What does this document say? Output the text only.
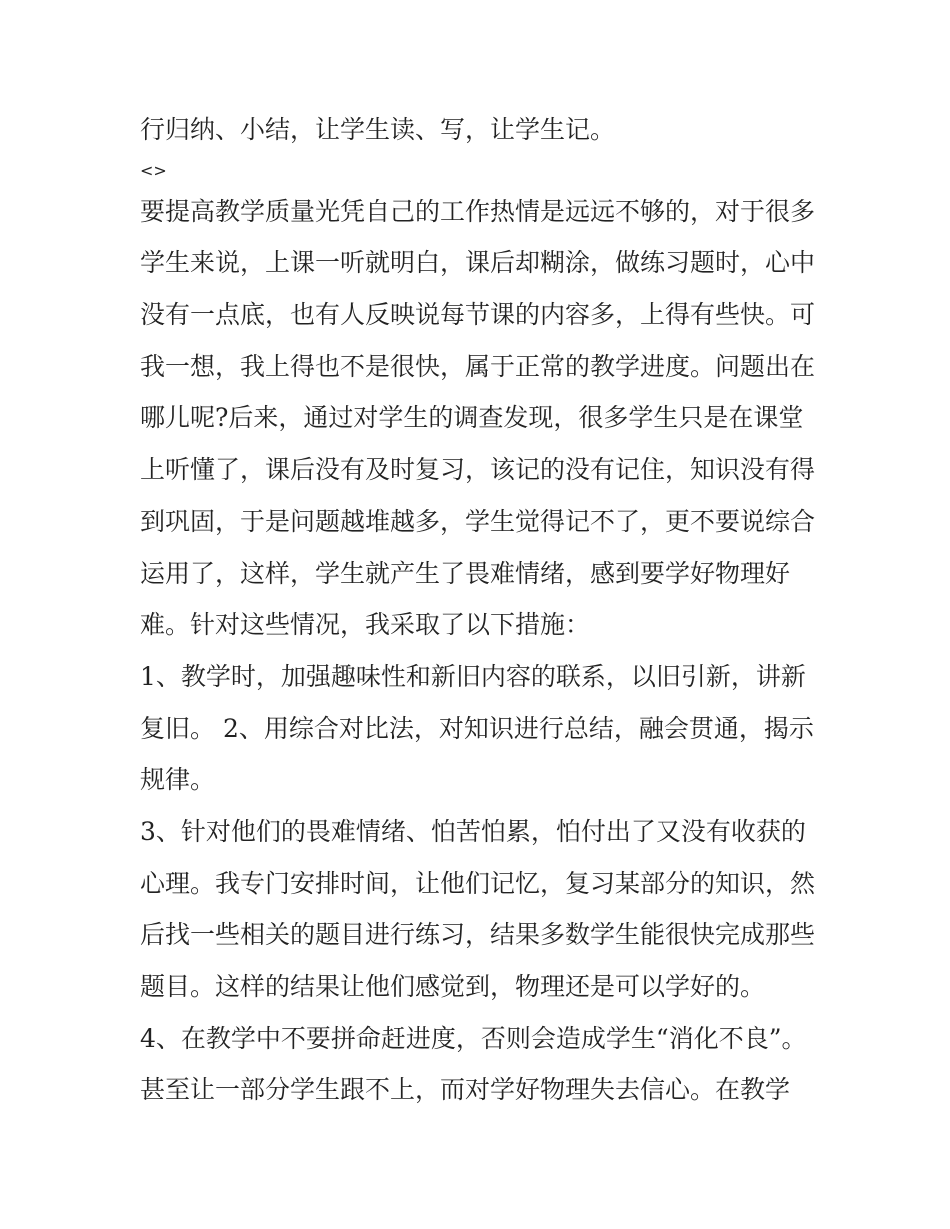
行归纳、小结，让学生读、写，让学生记。
<>
要提高教学质量光凭自己的工作热情是远远不够的，对于很多
学生来说，上课一听就明白，课后却糊涂，做练习题时，心中
没有一点底，也有人反映说每节课的内容多，上得有些快。可
我一想，我上得也不是很快，属于正常的教学进度。问题出在
哪儿呢?后来，通过对学生的调查发现，很多学生只是在课堂
上听懂了，课后没有及时复习，该记的没有记住，知识没有得
到巩固，于是问题越堆越多，学生觉得记不了，更不要说综合
运用了，这样，学生就产生了畏难情绪，感到要学好物理好
难。针对这些情况，我采取了以下措施：
1、教学时，加强趣味性和新旧内容的联系，以旧引新，讲新
复旧。 2、用综合对比法，对知识进行总结，融会贯通，揭示
规律。
3、针对他们的畏难情绪、怕苦怕累，怕付出了又没有收获的
心理。我专门安排时间，让他们记忆，复习某部分的知识，然
后找一些相关的题目进行练习，结果多数学生能很快完成那些
题目。这样的结果让他们感觉到，物理还是可以学好的。
4、在教学中不要拼命赶进度，否则会造成学生“消化不良”。
甚至让一部分学生跟不上，而对学好物理失去信心。在教学
